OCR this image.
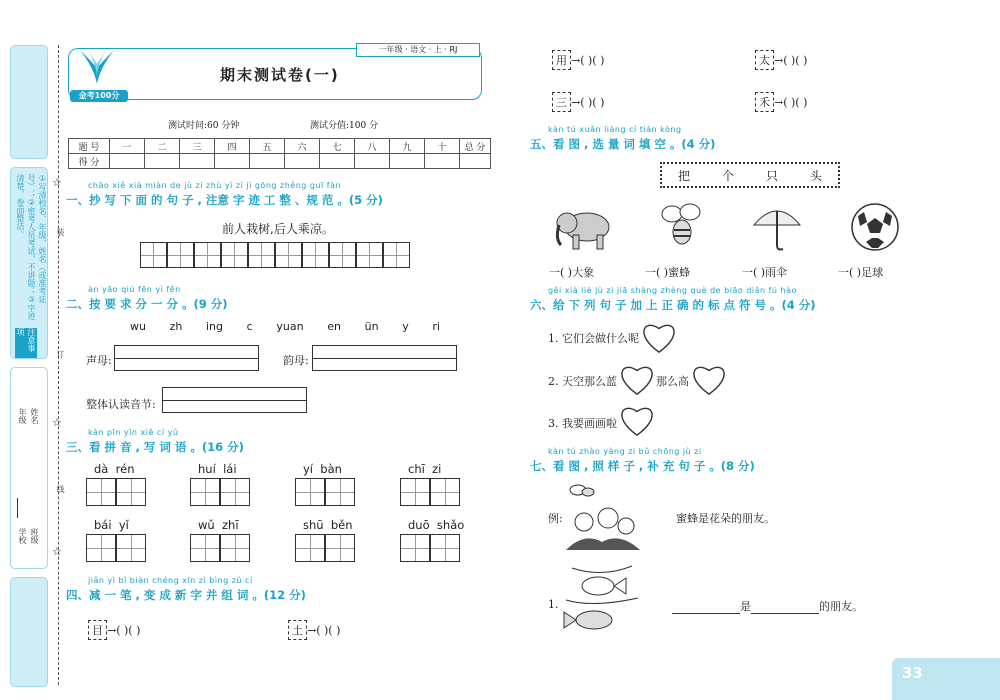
①写清校名、年级、姓名（或准考证号）；②密考人员考试，不讲题；③字迹清楚，卷面整洁。
注意事项
学校 班级
年级 姓名
☆
☆
☆
装
订
线
一年级 · 语文 · 上 · RJ
金考100分
期末测试卷(一)
测试时间:60 分钟	测试分值:100 分
题 号	一	二	三	四	五	六	七	八	九	十	总 分
得 分											
chāo xiě xià miàn de jù zi zhù yì zì jì gōng zhěng guī fàn
一、抄 写 下 面 的 句 子 , 注意 字 迹 工 整 、规 范 。(5 分)
前人栽树,后人乘凉。
àn yāo qiú fēn yì fēn
二、按 要 求 分 一 分 。(9 分)
wu zh ing c yuan en ün y ri
声母:	韵母:
整体认读音节:
kàn pīn yīn xiě cí yǔ
三、看 拼 音 , 写 词 语 。(16 分)
dà  rén	huí  lái	yí  bàn	chī  zi
bái  yǐ	wǔ  zhī	shū  běn	duō  shǎo
jiǎn yì bǐ biàn chéng xīn zì bìng zǔ cí
四、减 一 笔 , 变 成 新 字 并 组 词 。(12 分)
目 →( )( )	土 →( )( )
用 →( )( )	太 →( )( )
三 →( )( )	禾 →( )( )
kàn tú xuǎn liàng cí tián kòng
五、看 图 , 选 量 词 填 空 。(4 分)
把	个	只	头
一( )大象	一( )蜜蜂	一( )雨伞	一( )足球
gěi xià liè jù zi jiā shàng zhèng què de biāo diǎn fú hào
六、给 下 列 句 子 加 上 正 确 的 标 点 符 号 。(4 分)
1. 它们会做什么呢
2. 天空那么蓝	那么高
3. 我要画画啦
kàn tú zhào yàng zi bǔ chōng jù zi
七、看 图 , 照 样 子 , 补 充 句 子 。(8 分)
例:	蜜蜂是花朵的朋友。
1.	是	的朋友。
33
